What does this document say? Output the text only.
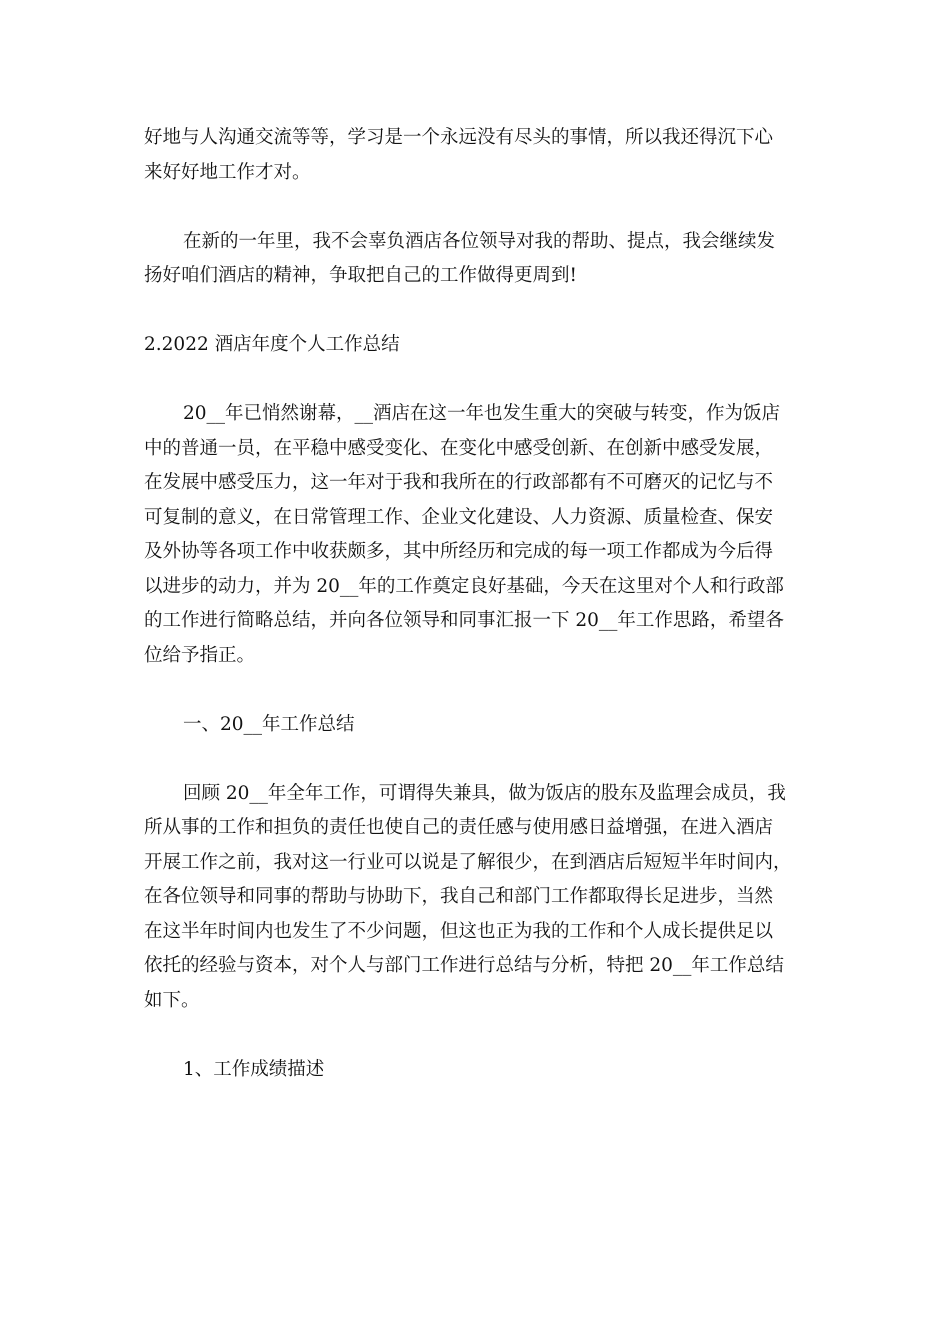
好地与人沟通交流等等，学习是一个永远没有尽头的事情，所以我还得沉下心
来好好地工作才对。

在新的一年里，我不会辜负酒店各位领导对我的帮助、提点，我会继续发
扬好咱们酒店的精神，争取把自己的工作做得更周到!

2.2022 酒店年度个人工作总结

20__年已悄然谢幕，__酒店在这一年也发生重大的突破与转变，作为饭店
中的普通一员，在平稳中感受变化、在变化中感受创新、在创新中感受发展，
在发展中感受压力，这一年对于我和我所在的行政部都有不可磨灭的记忆与不
可复制的意义，在日常管理工作、企业文化建设、人力资源、质量检查、保安
及外协等各项工作中收获颇多，其中所经历和完成的每一项工作都成为今后得
以进步的动力，并为 20__年的工作奠定良好基础，今天在这里对个人和行政部
的工作进行简略总结，并向各位领导和同事汇报一下 20__年工作思路，希望各
位给予指正。

一、20__年工作总结

回顾 20__年全年工作，可谓得失兼具，做为饭店的股东及监理会成员，我
所从事的工作和担负的责任也使自己的责任感与使用感日益增强，在进入酒店
开展工作之前，我对这一行业可以说是了解很少，在到酒店后短短半年时间内，
在各位领导和同事的帮助与协助下，我自己和部门工作都取得长足进步，当然
在这半年时间内也发生了不少问题，但这也正为我的工作和个人成长提供足以
依托的经验与资本，对个人与部门工作进行总结与分析，特把 20__年工作总结
如下。

1、工作成绩描述
